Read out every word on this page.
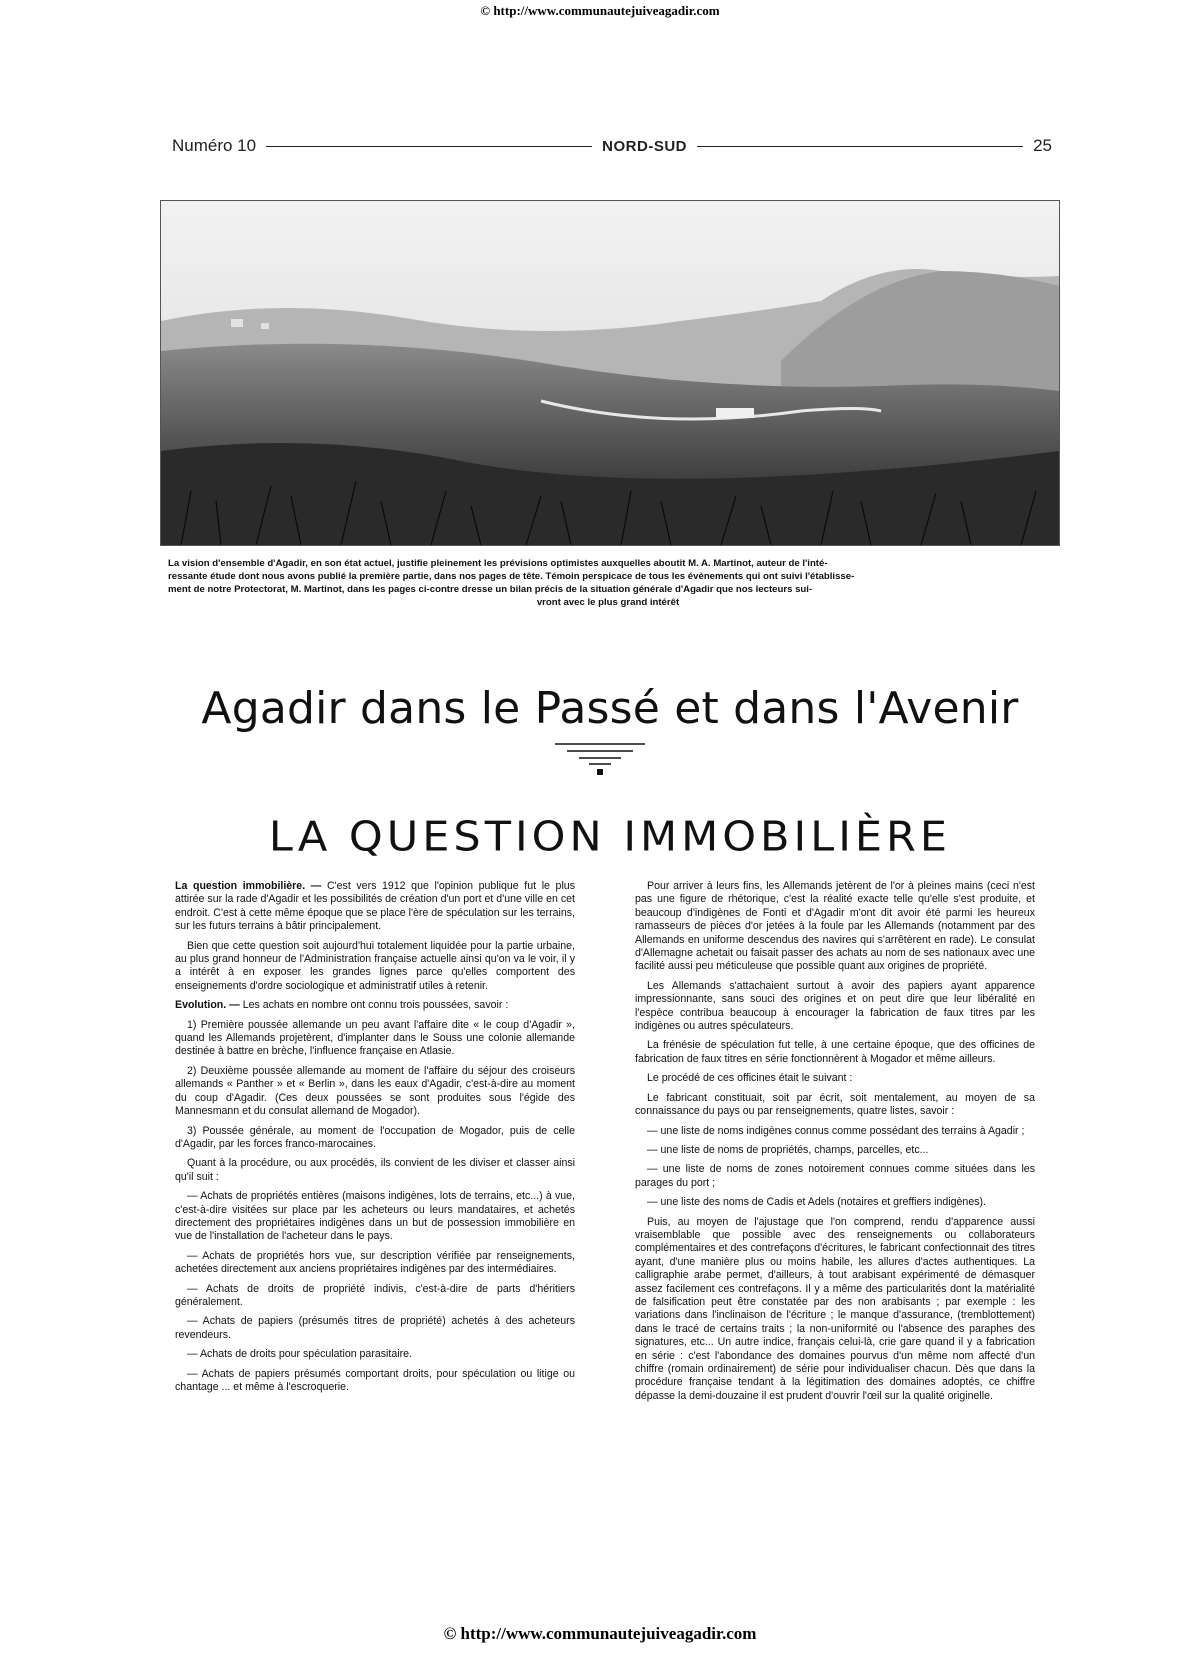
© http://www.communautejuiveagadir.com
Numéro 10	NORD-SUD	25
La vision d'ensemble d'Agadir, en son état actuel, justifie pleinement les prévisions optimistes auxquelles aboutit M. A. Martinot, auteur de l'inté-
ressante étude dont nous avons publié la première partie, dans nos pages de tête. Témoin perspicace de tous les évènements qui ont suivi l'établisse-
ment de notre Protectorat, M. Martinot, dans les pages ci-contre dresse un bilan précis de la situation générale d'Agadir que nos lecteurs sui-
vront avec le plus grand intérêt
Agadir dans le Passé et dans l'Avenir
LA QUESTION IMMOBILIÈRE

La question immobilière. — C'est vers 1912 que l'opinion publique fut le plus attirée sur la rade d'Agadir et les possibilités de création d'un port et d'une ville en cet endroit. C'est à cette même époque que se place l'ère de spéculation sur les terrains, sur les futurs terrains à bâtir principalement.

Bien que cette question soit aujourd'hui totalement liquidée pour la partie urbaine, au plus grand honneur de l'Administration française actuelle ainsi qu'on va le voir, il y a intérêt à en exposer les grandes lignes parce qu'elles comportent des enseignements d'ordre sociologique et administratif utiles à retenir.

Evolution. — Les achats en nombre ont connu trois poussées, savoir :

1) Première poussée allemande un peu avant l'affaire dite « le coup d'Agadir », quand les Allemands projetèrent, d'implanter dans le Souss une colonie allemande destinée à battre en brèche, l'influence française en Atlasie.

2) Deuxième poussée allemande au moment de l'affaire du séjour des croiseurs allemands « Panther » et « Berlin », dans les eaux d'Agadir, c'est-à-dire au moment du coup d'Agadir. (Ces deux poussées se sont produites sous l'égide des Mannesmann et du consulat allemand de Mogador).

3) Poussée générale, au moment de l'occupation de Mogador, puis de celle d'Agadir, par les forces franco-marocaines.

Quant à la procédure, ou aux procédés, ils convient de les diviser et classer ainsi qu'il suit :

— Achats de propriétés entières (maisons indigènes, lots de terrains, etc...) à vue, c'est-à-dire visitées sur place par les acheteurs ou leurs mandataires, et achetés directement des propriétaires indigènes dans un but de possession immobilière en vue de l'installation de l'acheteur dans le pays.

— Achats de propriétés hors vue, sur description vérifiée par renseignements, achetées directement aux anciens propriétaires indigènes par des intermédiaires.

— Achats de droits de propriété indivis, c'est-à-dire de parts d'héritiers généralement.

— Achats de papiers (présumés titres de propriété) achetés à des acheteurs revendeurs.

— Achats de droits pour spéculation parasitaire.

— Achats de papiers présumés comportant droits, pour spéculation ou litige ou chantage ... et même à l'escroquerie.

Pour arriver à leurs fins, les Allemands jetèrent de l'or à pleines mains (ceci n'est pas une figure de rhétorique, c'est la réalité exacte telle qu'elle s'est produite, et beaucoup d'indigènes de Fonti et d'Agadir m'ont dit avoir été parmi les heureux ramasseurs de pièces d'or jetées à la foule par les Allemands (notamment par des Allemands en uniforme descendus des navires qui s'arrêtèrent en rade). Le consulat d'Allemagne achetait ou faisait passer des achats au nom de ses nationaux avec une facilité aussi peu méticuleuse que possible quant aux origines de propriété.

Les Allemands s'attachaient surtout à avoir des papiers ayant apparence impressionnante, sans souci des origines et on peut dire que leur libéralité en l'espèce contribua beaucoup à encourager la fabrication de faux titres par les indigènes ou autres spéculateurs.

La frénésie de spéculation fut telle, à une certaine époque, que des officines de fabrication de faux titres en série fonctionnèrent à Mogador et même ailleurs.

Le procédé de ces officines était le suivant :

Le fabricant constituait, soit par écrit, soit mentalement, au moyen de sa connaissance du pays ou par renseignements, quatre listes, savoir :

— une liste de noms indigènes connus comme possédant des terrains à Agadir ;

— une liste de noms de propriétés, champs, parcelles, etc...

— une liste de noms de zones notoirement connues comme situées dans les parages du port ;

— une liste des noms de Cadis et Adels (notaires et greffiers indigènes).

Puis, au moyen de l'ajustage que l'on comprend, rendu d'apparence aussi vraisemblable que possible avec des renseignements ou collaborateurs complémentaires et des contrefaçons d'écritures, le fabricant confectionnait des titres ayant, d'une manière plus ou moins habile, les allures d'actes authentiques. La calligraphie arabe permet, d'ailleurs, à tout arabisant expérimenté de démasquer assez facilement ces contrefaçons. Il y a même des particularités dont la matérialité de falsification peut être constatée par des non arabisants ; par exemple : les variations dans l'inclinaison de l'écriture ; le manque d'assurance, (tremblottement) dans le tracé de certains traits ; la non-uniformité ou l'absence des paraphes des signatures, etc... Un autre indice, français celui-là, crie gare quand il y a fabrication en série : c'est l'abondance des domaines pourvus d'un même nom affecté d'un chiffre (romain ordinairement) de série pour individualiser chacun. Dès que dans la procédure française tendant à la légitimation des domaines adoptés, ce chiffre dépasse la demi-douzaine il est prudent d'ouvrir l'œil sur la qualité originelle.

© http://www.communautejuiveagadir.com
